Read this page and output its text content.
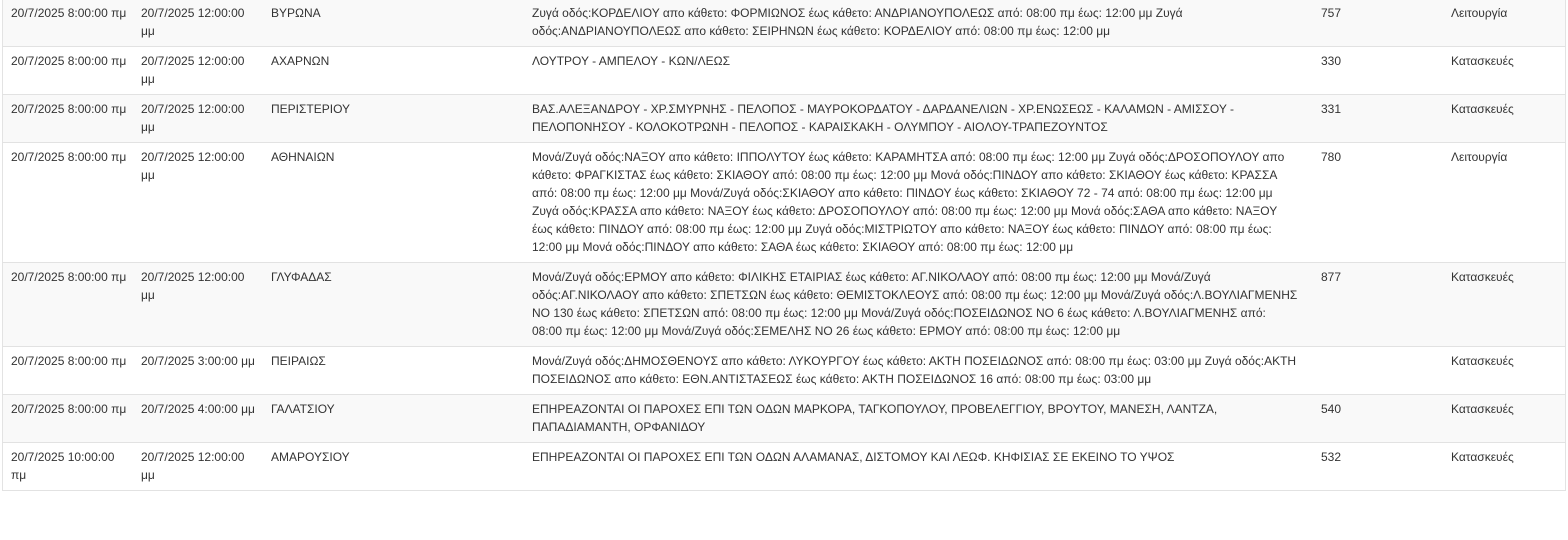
20/7/2025 8:00:00 πμ	20/7/2025 12:00:00 μμ	ΒΥΡΩΝΑ	Ζυγά οδός:ΚΟΡΔΕΛΙΟΥ απο κάθετο: ΦΟΡΜΙΩΝΟΣ έως κάθετο: ΑΝΔΡΙΑΝΟΥΠΟΛΕΩΣ από: 08:00 πμ έως: 12:00 μμ Ζυγά οδός:ΑΝΔΡΙΑΝΟΥΠΟΛΕΩΣ απο κάθετο: ΣΕΙΡΗΝΩΝ έως κάθετο: ΚΟΡΔΕΛΙΟΥ από: 08:00 πμ έως: 12:00 μμ	757	Λειτουργία
20/7/2025 8:00:00 πμ	20/7/2025 12:00:00 μμ	ΑΧΑΡΝΩΝ	ΛΟΥΤΡΟΥ - ΑΜΠΕΛΟΥ - ΚΩΝ/ΛΕΩΣ	330	Κατασκευές
20/7/2025 8:00:00 πμ	20/7/2025 12:00:00 μμ	ΠΕΡΙΣΤΕΡΙΟΥ	ΒΑΣ.ΑΛΕΞΑΝΔΡΟΥ - ΧΡ.ΣΜΥΡΝΗΣ - ΠΕΛΟΠΟΣ - ΜΑΥΡΟΚΟΡΔΑΤΟΥ - ΔΑΡΔΑΝΕΛΙΩΝ - ΧΡ.ΕΝΩΣΕΩΣ - ΚΑΛΑΜΩΝ - ΑΜΙΣΣΟΥ - ΠΕΛΟΠΟΝΗΣΟΥ - ΚΟΛΟΚΟΤΡΩΝΗ - ΠΕΛΟΠΟΣ - ΚΑΡΑΙΣΚΑΚΗ - ΟΛΥΜΠΟΥ - ΑΙΟΛΟΥ-ΤΡΑΠΕΖΟΥΝΤΟΣ	331	Κατασκευές
20/7/2025 8:00:00 πμ	20/7/2025 12:00:00 μμ	ΑΘΗΝΑΙΩΝ	Μονά/Ζυγά οδός:ΝΑΞΟΥ απο κάθετο: ΙΠΠΟΛΥΤΟΥ έως κάθετο: ΚΑΡΑΜΗΤΣΑ από: 08:00 πμ έως: 12:00 μμ Ζυγά οδός:ΔΡΟΣΟΠΟΥΛΟΥ απο κάθετο: ΦΡΑΓΚΙΣΤΑΣ έως κάθετο: ΣΚΙΑΘΟΥ από: 08:00 πμ έως: 12:00 μμ Μονά οδός:ΠΙΝΔΟΥ απο κάθετο: ΣΚΙΑΘΟΥ έως κάθετο: ΚΡΑΣΣΑ από: 08:00 πμ έως: 12:00 μμ Μονά/Ζυγά οδός:ΣΚΙΑΘΟΥ απο κάθετο: ΠΙΝΔΟΥ έως κάθετο: ΣΚΙΑΘΟΥ 72 - 74 από: 08:00 πμ έως: 12:00 μμ Ζυγά οδός:ΚΡΑΣΣΑ απο κάθετο: ΝΑΞΟΥ έως κάθετο: ΔΡΟΣΟΠΟΥΛΟΥ από: 08:00 πμ έως: 12:00 μμ Μονά οδός:ΣΑΘΑ απο κάθετο: ΝΑΞΟΥ έως κάθετο: ΠΙΝΔΟΥ από: 08:00 πμ έως: 12:00 μμ Ζυγά οδός:ΜΙΣΤΡΙΩΤΟΥ απο κάθετο: ΝΑΞΟΥ έως κάθετο: ΠΙΝΔΟΥ από: 08:00 πμ έως: 12:00 μμ Μονά οδός:ΠΙΝΔΟΥ απο κάθετο: ΣΑΘΑ έως κάθετο: ΣΚΙΑΘΟΥ από: 08:00 πμ έως: 12:00 μμ	780	Λειτουργία
20/7/2025 8:00:00 πμ	20/7/2025 12:00:00 μμ	ΓΛΥΦΑΔΑΣ	Μονά/Ζυγά οδός:ΕΡΜΟΥ απο κάθετο: ΦΙΛΙΚΗΣ ΕΤΑΙΡΙΑΣ έως κάθετο: ΑΓ.ΝΙΚΟΛΑΟΥ από: 08:00 πμ έως: 12:00 μμ Μονά/Ζυγά οδός:ΑΓ.ΝΙΚΟΛΑΟΥ απο κάθετο: ΣΠΕΤΣΩΝ έως κάθετο: ΘΕΜΙΣΤΟΚΛΕΟΥΣ από: 08:00 πμ έως: 12:00 μμ Μονά/Ζυγά οδός:Λ.ΒΟΥΛΙΑΓΜΕΝΗΣ ΝΟ 130 έως κάθετο: ΣΠΕΤΣΩΝ από: 08:00 πμ έως: 12:00 μμ Μονά/Ζυγά οδός:ΠΟΣΕΙΔΩΝΟΣ ΝΟ 6 έως κάθετο: Λ.ΒΟΥΛΙΑΓΜΕΝΗΣ από: 08:00 πμ έως: 12:00 μμ Μονά/Ζυγά οδός:ΣΕΜΕΛΗΣ ΝΟ 26 έως κάθετο: ΕΡΜΟΥ από: 08:00 πμ έως: 12:00 μμ	877	Κατασκευές
20/7/2025 8:00:00 πμ	20/7/2025 3:00:00 μμ	ΠΕΙΡΑΙΩΣ	Μονά/Ζυγά οδός:ΔΗΜΟΣΘΕΝΟΥΣ απο κάθετο: ΛΥΚΟΥΡΓΟΥ έως κάθετο: ΑΚΤΗ ΠΟΣΕΙΔΩΝΟΣ από: 08:00 πμ έως: 03:00 μμ Ζυγά οδός:ΑΚΤΗ ΠΟΣΕΙΔΩΝΟΣ απο κάθετο: ΕΘΝ.ΑΝΤΙΣΤΑΣΕΩΣ έως κάθετο: ΑΚΤΗ ΠΟΣΕΙΔΩΝΟΣ 16 από: 08:00 πμ έως: 03:00 μμ		Κατασκευές
20/7/2025 8:00:00 πμ	20/7/2025 4:00:00 μμ	ΓΑΛΑΤΣΙΟΥ	ΕΠΗΡΕΑΖΟΝΤΑΙ ΟΙ ΠΑΡΟΧΕΣ ΕΠΙ ΤΩΝ ΟΔΩΝ ΜΑΡΚΟΡΑ, ΤΑΓΚΟΠΟΥΛΟΥ, ΠΡΟΒΕΛΕΓΓΙΟΥ, ΒΡΟΥΤΟΥ, ΜΑΝΕΣΗ, ΛΑΝΤΖΑ, ΠΑΠΑΔΙΑΜΑΝΤΗ, ΟΡΦΑΝΙΔΟΥ	540	Κατασκευές
20/7/2025 10:00:00 πμ	20/7/2025 12:00:00 μμ	ΑΜΑΡΟΥΣΙΟΥ	ΕΠΗΡΕΑΖΟΝΤΑΙ ΟΙ ΠΑΡΟΧΕΣ ΕΠΙ ΤΩΝ ΟΔΩΝ ΑΛΑΜΑΝΑΣ, ΔΙΣΤΟΜΟΥ ΚΑΙ ΛΕΩΦ. ΚΗΦΙΣΙΑΣ ΣΕ ΕΚΕΙΝΟ ΤΟ ΥΨΟΣ	532	Κατασκευές
